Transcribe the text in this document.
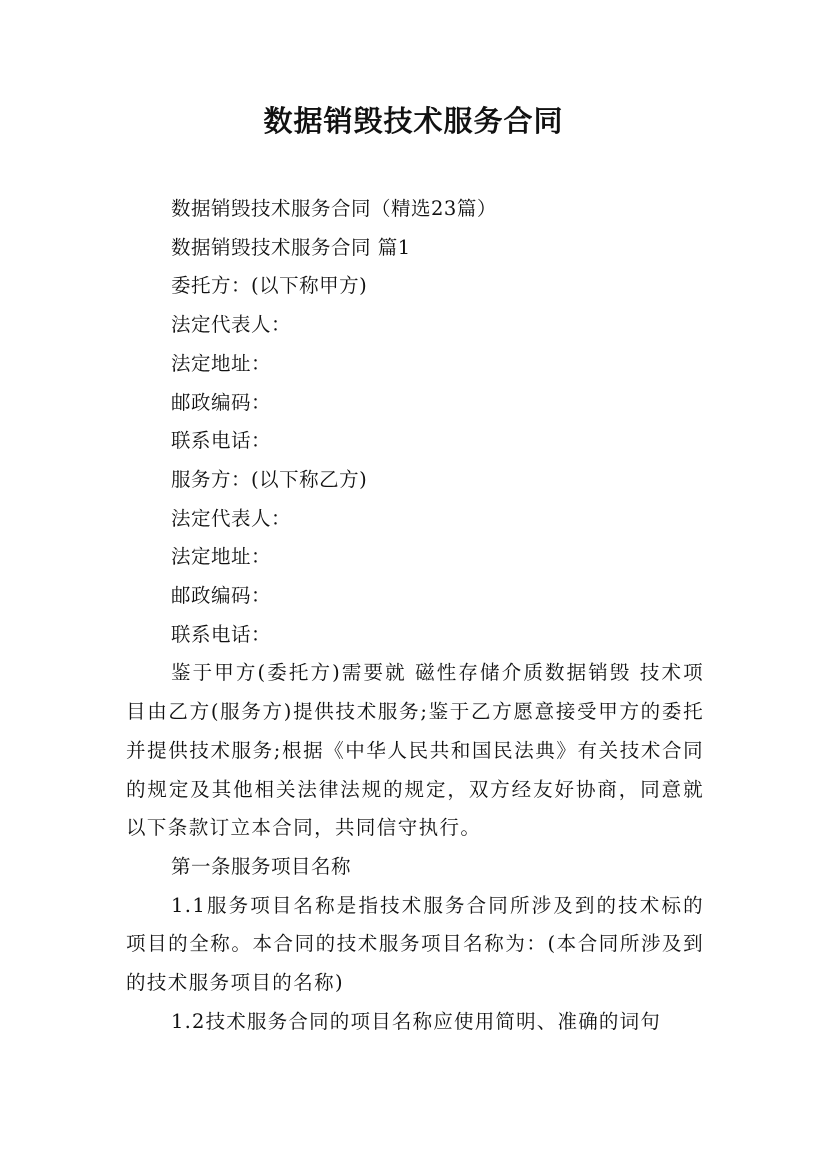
数据销毁技术服务合同
数据销毁技术服务合同（精选23篇）
数据销毁技术服务合同 篇1
委托方：(以下称甲方)
法定代表人：
法定地址：
邮政编码：
联系电话：
服务方：(以下称乙方)
法定代表人：
法定地址：
邮政编码：
联系电话：
鉴于甲方(委托方)需要就 磁性存储介质数据销毁 技术项目由乙方(服务方)提供技术服务;鉴于乙方愿意接受甲方的委托并提供技术服务;根据《中华人民共和国民法典》有关技术合同的规定及其他相关法律法规的规定，双方经友好协商，同意就以下条款订立本合同，共同信守执行。
第一条服务项目名称
1.1服务项目名称是指技术服务合同所涉及到的技术标的项目的全称。本合同的技术服务项目名称为：(本合同所涉及到的技术服务项目的名称)
1.2技术服务合同的项目名称应使用简明、准确的词句
